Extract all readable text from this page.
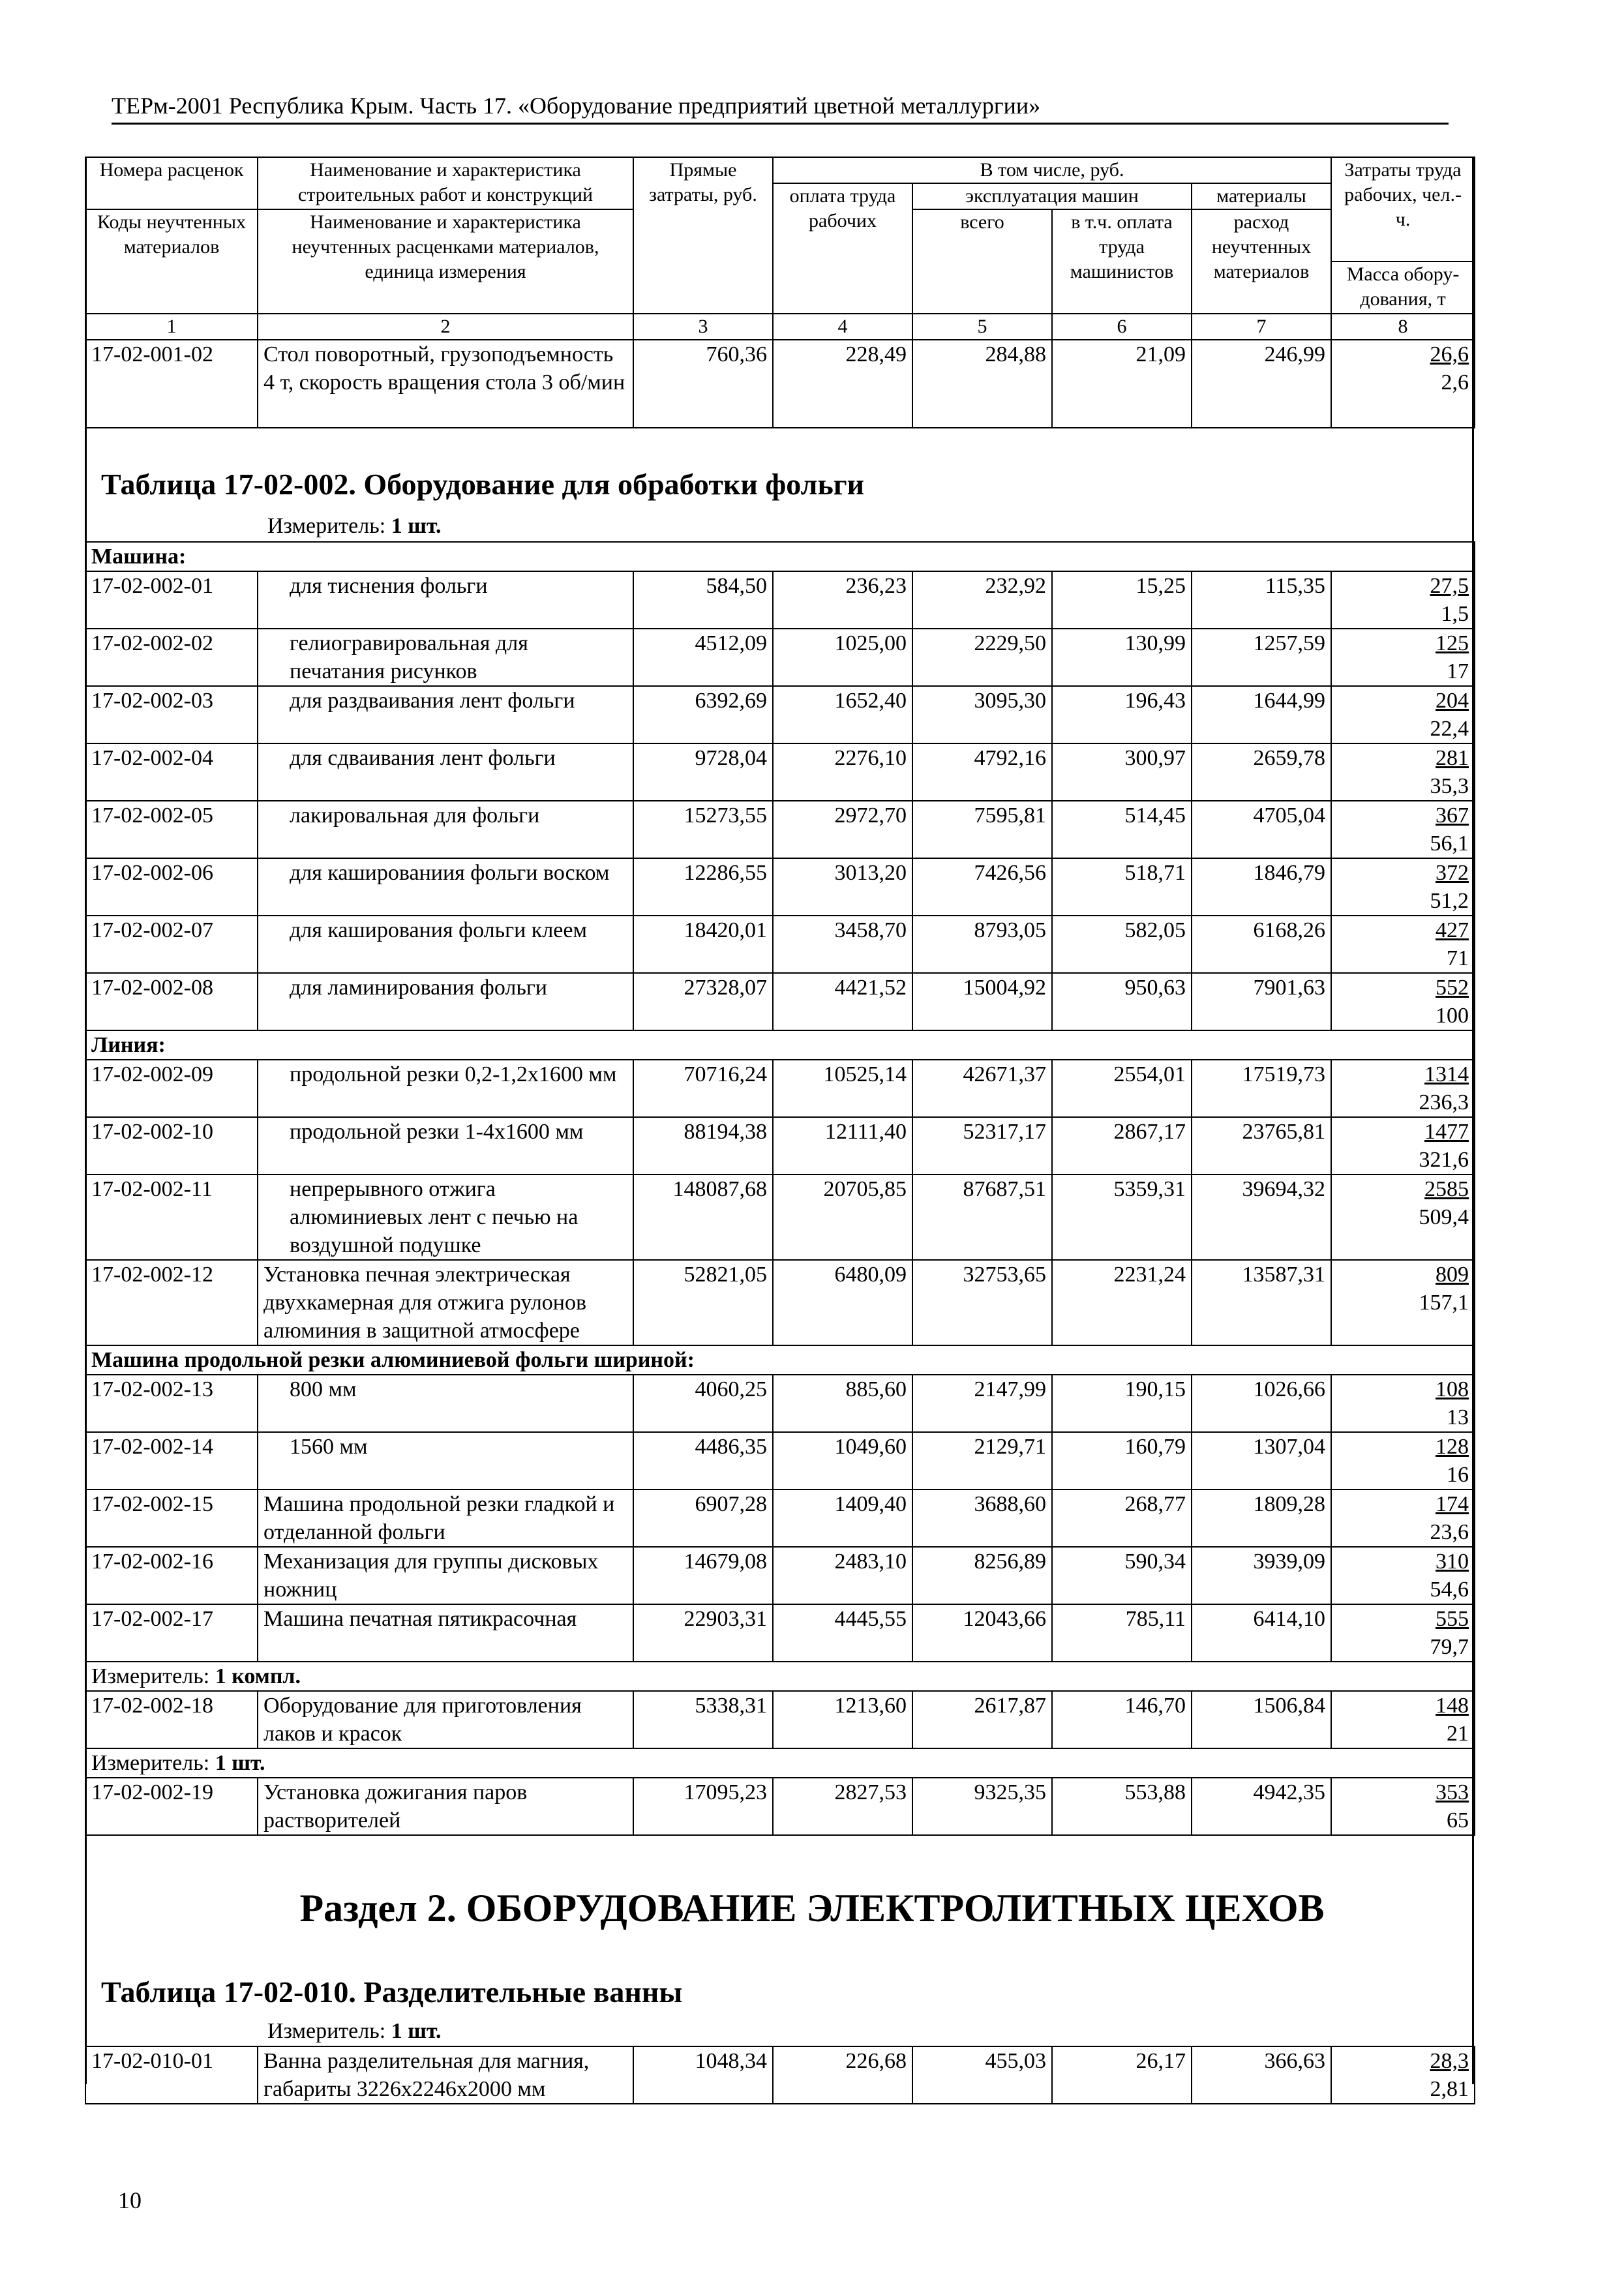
ТЕРм-2001 Республика Крым. Часть 17. «Оборудование предприятий цветной металлургии»
Номера расценок	Наименование и характеристика строительных работ и конструкций	Прямые затраты, руб.	В том числе, руб.				Затраты труда рабочих, чел.-ч.
			оплата труда рабочих	эксплуатация машин		материалы	
Коды неучтенных материалов	Наименование и характеристика неучтенных расценками материалов, единица измерения			всего	в т.ч. оплата труда машинистов	расход неучтенных материалов	
							Масса обору-дования, т
1	2	3	4	5	6	7	8
17-02-001-02	Стол поворотный, грузоподъемность 4 т, скорость вращения стола 3 об/мин	760,36	228,49	284,88	21,09	246,99	26,6
2,6
Таблица 17-02-002. Оборудование для обработки фольги
Измеритель: 1 шт.
Машина:							
17-02-002-01	для тиснения фольги	584,50	236,23	232,92	15,25	115,35	27,5
1,5
17-02-002-02	гелиогравировальная для печатания рисунков	4512,09	1025,00	2229,50	130,99	1257,59	125
17
17-02-002-03	для раздваивания лент фольги	6392,69	1652,40	3095,30	196,43	1644,99	204
22,4
17-02-002-04	для сдваивания лент фольги	9728,04	2276,10	4792,16	300,97	2659,78	281
35,3
17-02-002-05	лакировальная для фольги	15273,55	2972,70	7595,81	514,45	4705,04	367
56,1
17-02-002-06	для кашированиия фольги воском	12286,55	3013,20	7426,56	518,71	1846,79	372
51,2
17-02-002-07	для каширования фольги клеем	18420,01	3458,70	8793,05	582,05	6168,26	427
71
17-02-002-08	для ламинирования фольги	27328,07	4421,52	15004,92	950,63	7901,63	552
100
Линия:							
17-02-002-09	продольной резки 0,2-1,2x1600 мм	70716,24	10525,14	42671,37	2554,01	17519,73	1314
236,3
17-02-002-10	продольной резки 1-4x1600 мм	88194,38	12111,40	52317,17	2867,17	23765,81	1477
321,6
17-02-002-11	непрерывного отжига алюминиевых лент с печью на воздушной подушке	148087,68	20705,85	87687,51	5359,31	39694,32	2585
509,4
17-02-002-12	Установка печная электрическая двухкамерная для отжига рулонов алюминия в защитной атмосфере	52821,05	6480,09	32753,65	2231,24	13587,31	809
157,1
Машина продольной резки алюминиевой фольги шириной:							
17-02-002-13	800 мм	4060,25	885,60	2147,99	190,15	1026,66	108
13
17-02-002-14	1560 мм	4486,35	1049,60	2129,71	160,79	1307,04	128
16
17-02-002-15	Машина продольной резки гладкой и отделанной фольги	6907,28	1409,40	3688,60	268,77	1809,28	174
23,6
17-02-002-16	Механизация для группы дисковых ножниц	14679,08	2483,10	8256,89	590,34	3939,09	310
54,6
17-02-002-17	Машина печатная пятикрасочная	22903,31	4445,55	12043,66	785,11	6414,10	555
79,7
Измеритель: 1 компл.							
17-02-002-18	Оборудование для приготовления лаков и красок	5338,31	1213,60	2617,87	146,70	1506,84	148
21
Измеритель: 1 шт.							
17-02-002-19	Установка дожигания паров растворителей	17095,23	2827,53	9325,35	553,88	4942,35	353
65
Раздел 2. ОБОРУДОВАНИЕ ЭЛЕКТРОЛИТНЫХ ЦЕХОВ
Таблица 17-02-010. Разделительные ванны
Измеритель: 1 шт.
17-02-010-01	Ванна разделительная для магния, габариты 3226x2246x2000 мм	1048,34	226,68	455,03	26,17	366,63	28,3
2,81
10
